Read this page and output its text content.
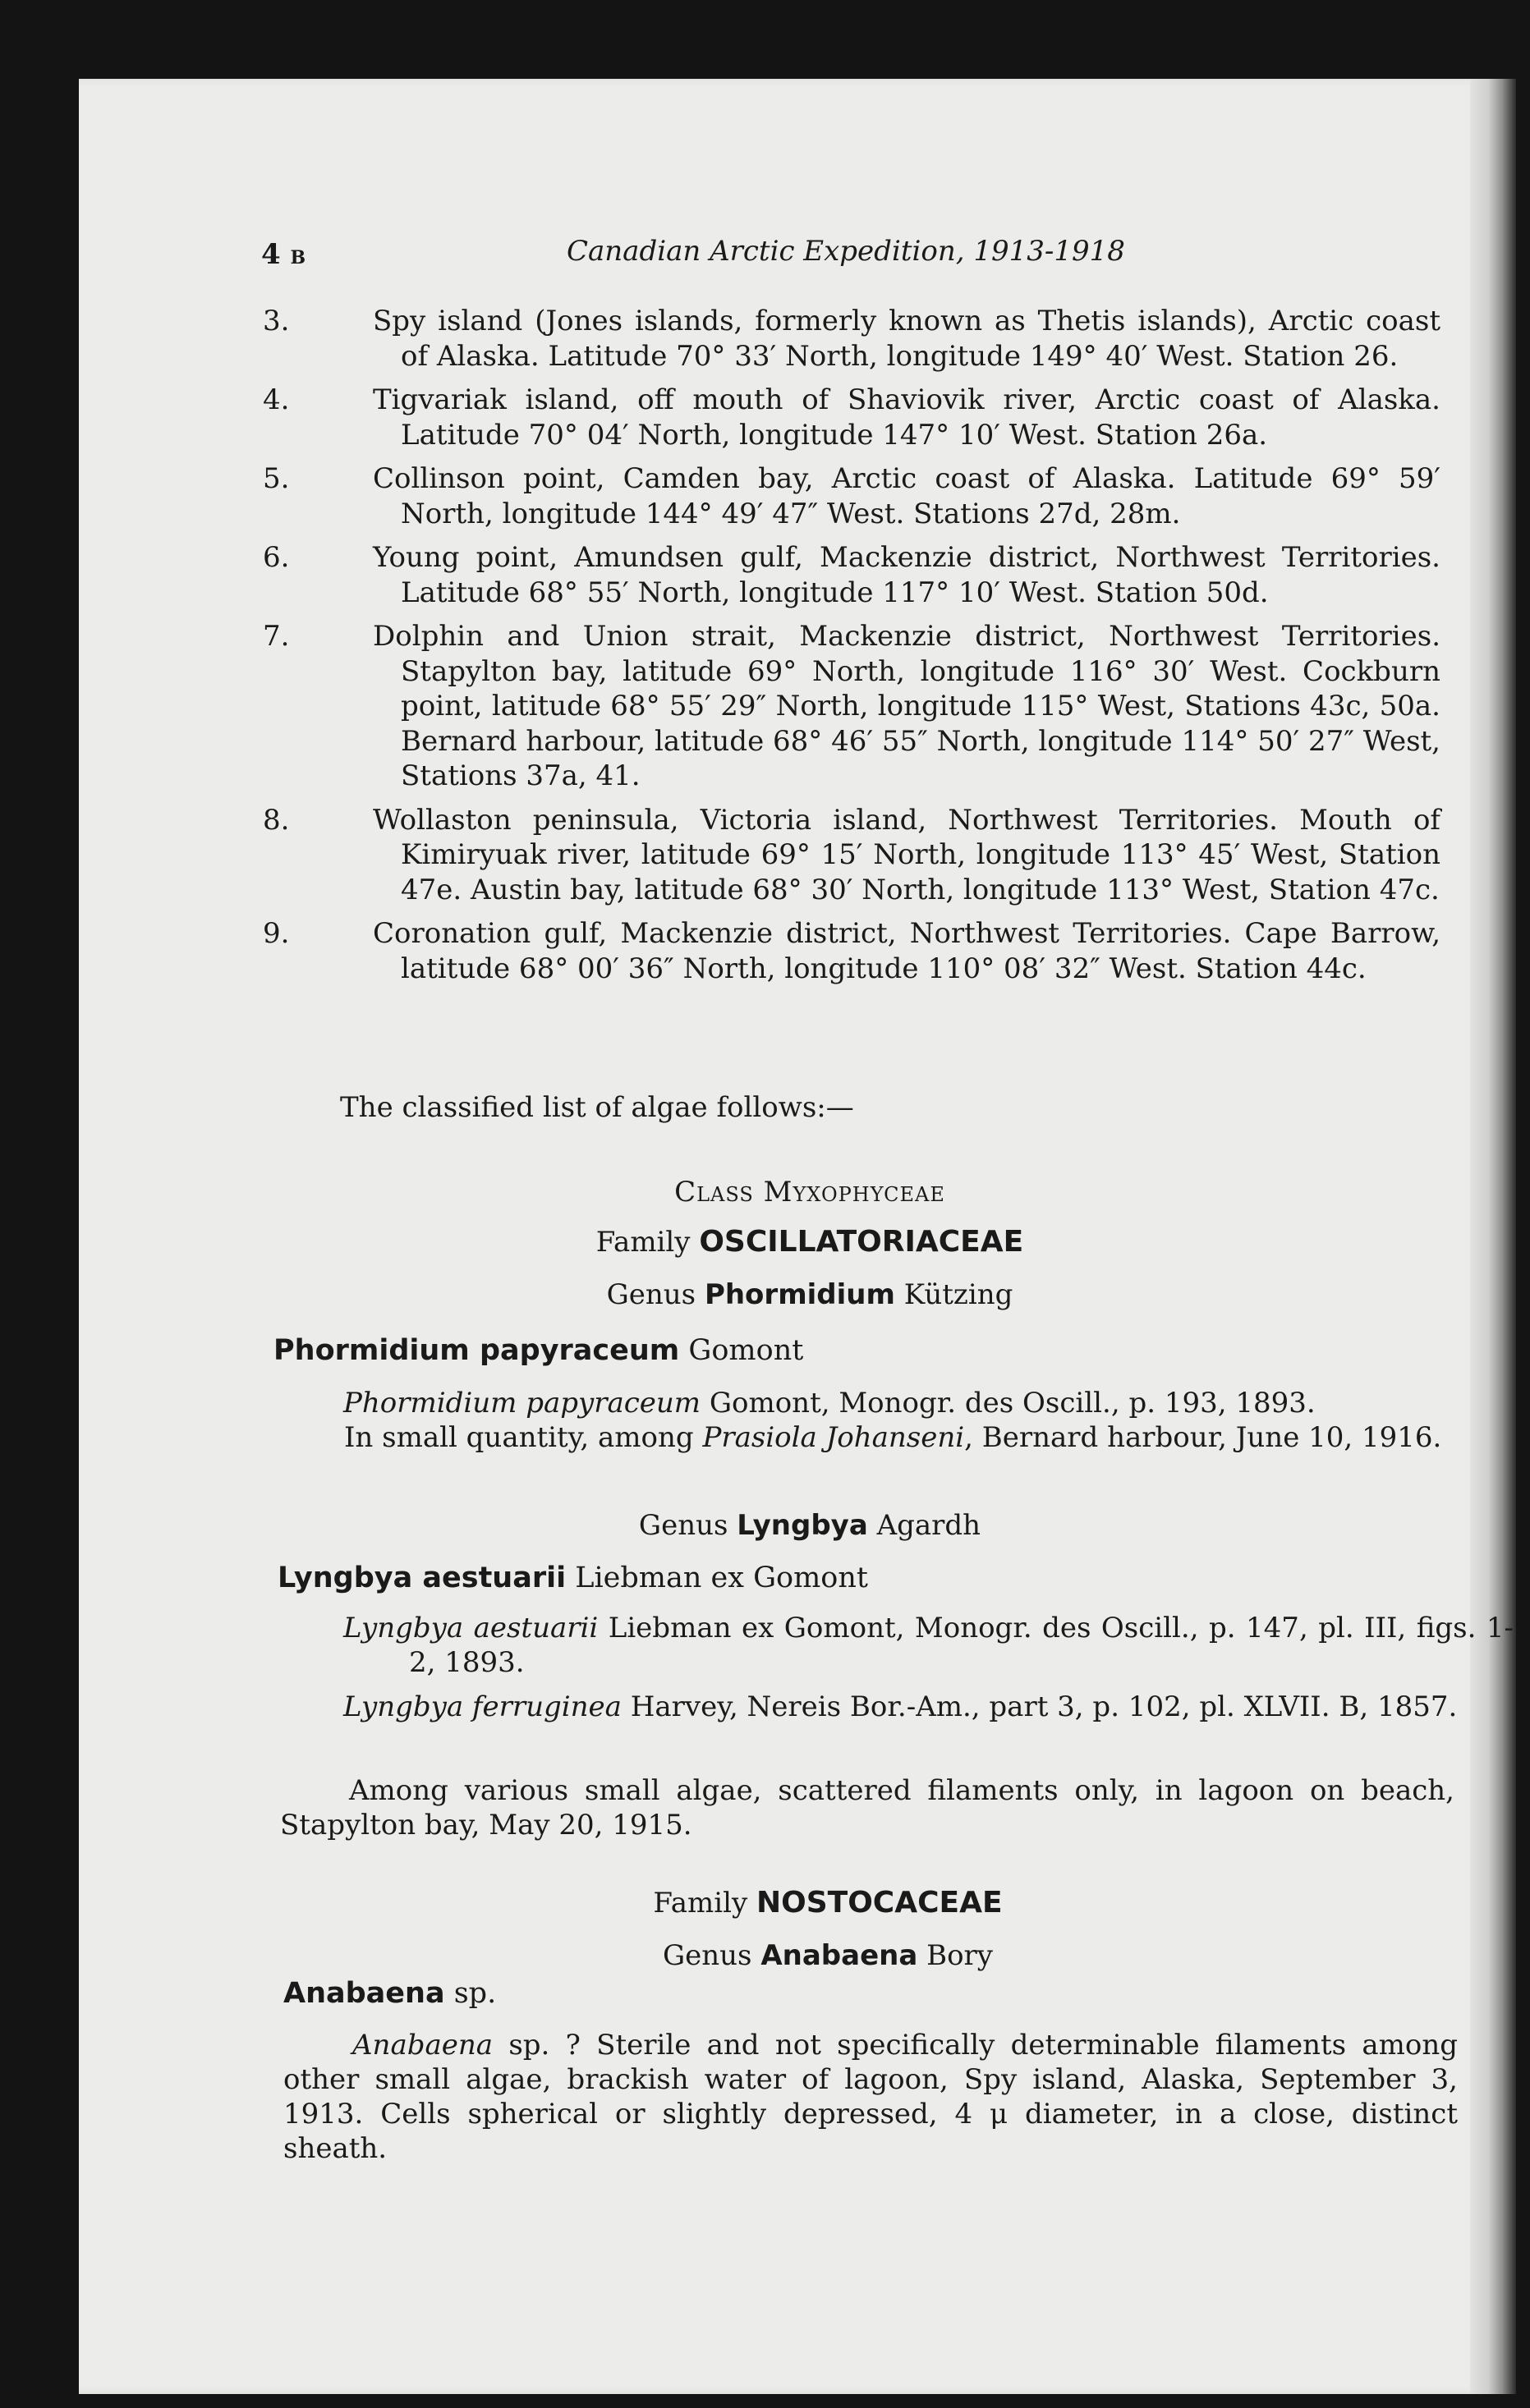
4 B	Canadian Arctic Expedition, 1913-1918
3.	Spy island (Jones islands, formerly known as Thetis islands), Arctic coast of Alaska. Latitude 70° 33′ North, longitude 149° 40′ West. Station 26.
4.	Tigvariak island, off mouth of Shaviovik river, Arctic coast of Alaska. Latitude 70° 04′ North, longitude 147° 10′ West. Station 26a.
5.	Collinson point, Camden bay, Arctic coast of Alaska. Latitude 69° 59′ North, longitude 144° 49′ 47″ West. Stations 27d, 28m.
6.	Young point, Amundsen gulf, Mackenzie district, Northwest Territories. Latitude 68° 55′ North, longitude 117° 10′ West. Station 50d.
7.	Dolphin and Union strait, Mackenzie district, Northwest Territories. Stapylton bay, latitude 69° North, longitude 116° 30′ West. Cockburn point, latitude 68° 55′ 29″ North, longitude 115° West, Stations 43c, 50a. Bernard harbour, latitude 68° 46′ 55″ North, longitude 114° 50′ 27″ West, Stations 37a, 41.
8.	Wollaston peninsula, Victoria island, Northwest Territories. Mouth of Kimiryuak river, latitude 69° 15′ North, longitude 113° 45′ West, Station 47e. Austin bay, latitude 68° 30′ North, longitude 113° West, Station 47c.
9.	Coronation gulf, Mackenzie district, Northwest Territories. Cape Barrow, latitude 68° 00′ 36″ North, longitude 110° 08′ 32″ West. Station 44c.
The classified list of algae follows:—
Class Myxophyceae
Family OSCILLATORIACEAE
Genus Phormidium Kützing
Phormidium papyraceum Gomont
Phormidium papyraceum Gomont, Monogr. des Oscill., p. 193, 1893.
In small quantity, among Prasiola Johanseni, Bernard harbour, June 10, 1916.
Genus Lyngbya Agardh
Lyngbya aestuarii Liebman ex Gomont
Lyngbya aestuarii Liebman ex Gomont, Monogr. des Oscill., p. 147, pl. III, figs. 1-2, 1893.
Lyngbya ferruginea Harvey, Nereis Bor.-Am., part 3, p. 102, pl. XLVII. B, 1857.
Among various small algae, scattered filaments only, in lagoon on beach, Stapylton bay, May 20, 1915.
Family NOSTOCACEAE
Genus Anabaena Bory
Anabaena sp.
Anabaena sp. ? Sterile and not specifically determinable filaments among other small algae, brackish water of lagoon, Spy island, Alaska, September 3, 1913. Cells spherical or slightly depressed, 4 μ diameter, in a close, distinct sheath.
